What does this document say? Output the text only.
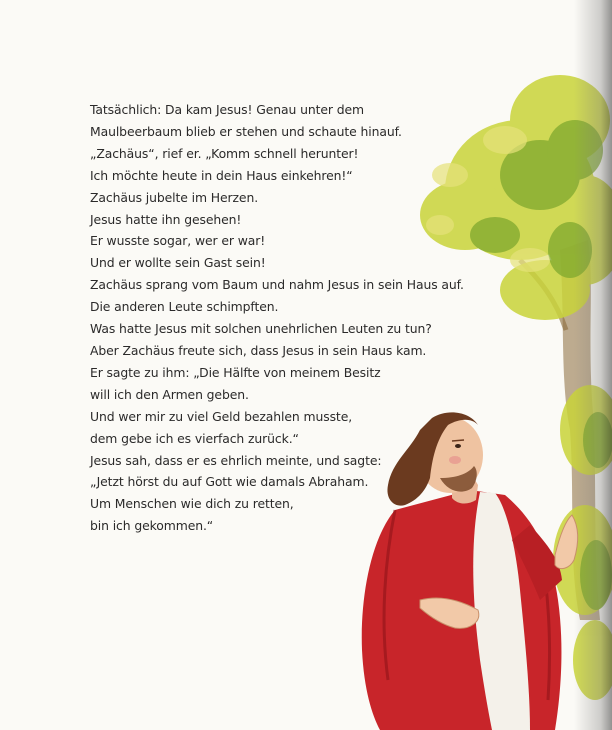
Tatsächlich: Da kam Jesus! Genau unter dem
Maulbeerbaum blieb er stehen und schaute hinauf.
„Zachäus“, rief er. „Komm schnell herunter!
Ich möchte heute in dein Haus einkehren!“
Zachäus jubelte im Herzen.
Jesus hatte ihn gesehen!
Er wusste sogar, wer er war!
Und er wollte sein Gast sein!
Zachäus sprang vom Baum und nahm Jesus in sein Haus auf.
Die anderen Leute schimpften.
Was hatte Jesus mit solchen unehrlichen Leuten zu tun?
Aber Zachäus freute sich, dass Jesus in sein Haus kam.
Er sagte zu ihm: „Die Hälfte von meinem Besitz
will ich den Armen geben.
Und wer mir zu viel Geld bezahlen musste,
dem gebe ich es vierfach zurück.“
Jesus sah, dass er es ehrlich meinte, und sagte:
„Jetzt hörst du auf Gott wie damals Abraham.
Um Menschen wie dich zu retten,
bin ich gekommen.“
